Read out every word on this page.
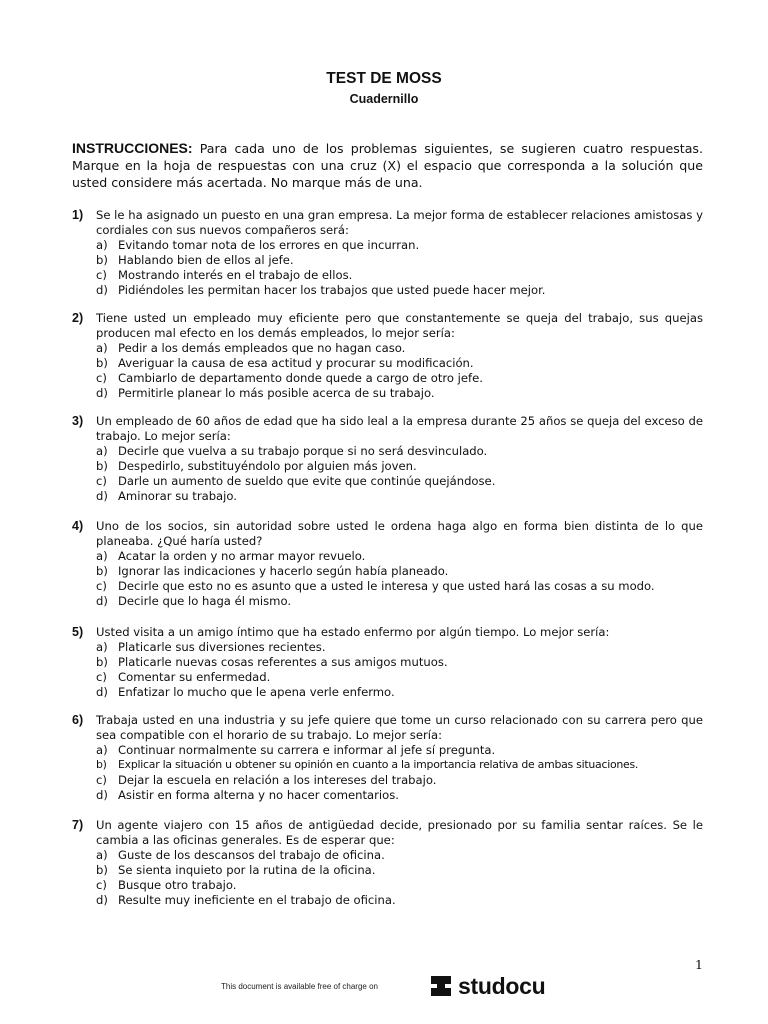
TEST DE MOSS
Cuadernillo
INSTRUCCIONES: Para cada uno de los problemas siguientes, se sugieren cuatro respuestas. Marque en la hoja de respuestas con una cruz (X) el espacio que corresponda a la solución que usted considere más acertada. No marque más de una.
1)	Se le ha asignado un puesto en una gran empresa. La mejor forma de establecer relaciones amistosas y cordiales con sus nuevos compañeros será:
a) Evitando tomar nota de los errores en que incurran.
b) Hablando bien de ellos al jefe.
c) Mostrando interés en el trabajo de ellos.
d) Pidiéndoles les permitan hacer los trabajos que usted puede hacer mejor.
2)	Tiene usted un empleado muy eficiente pero que constantemente se queja del trabajo, sus quejas producen mal efecto en los demás empleados, lo mejor sería:
a) Pedir a los demás empleados que no hagan caso.
b) Averiguar la causa de esa actitud y procurar su modificación.
c) Cambiarlo de departamento donde quede a cargo de otro jefe.
d) Permitirle planear lo más posible acerca de su trabajo.
3)	Un empleado de 60 años de edad que ha sido leal a la empresa durante 25 años se queja del exceso de trabajo. Lo mejor sería:
a) Decirle que vuelva a su trabajo porque si no será desvinculado.
b) Despedirlo, substituyéndolo por alguien más joven.
c) Darle un aumento de sueldo que evite que continúe quejándose.
d) Aminorar su trabajo.
4)	Uno de los socios, sin autoridad sobre usted le ordena haga algo en forma bien distinta de lo que planeaba. ¿Qué haría usted?
a) Acatar la orden y no armar mayor revuelo.
b) Ignorar las indicaciones y hacerlo según había planeado.
c) Decirle que esto no es asunto que a usted le interesa y que usted hará las cosas a su modo.
d) Decirle que lo haga él mismo.
5)	Usted visita a un amigo íntimo que ha estado enfermo por algún tiempo. Lo mejor sería:
a) Platicarle sus diversiones recientes.
b) Platicarle nuevas cosas referentes a sus amigos mutuos.
c) Comentar su enfermedad.
d) Enfatizar lo mucho que le apena verle enfermo.
6)	Trabaja usted en una industria y su jefe quiere que tome un curso relacionado con su carrera pero que sea compatible con el horario de su trabajo. Lo mejor sería:
a) Continuar normalmente su carrera e informar al jefe sí pregunta.
b)	Explicar la situación u obtener su opinión en cuanto a la importancia relativa de ambas situaciones.
c) Dejar la escuela en relación a los intereses del trabajo.
d) Asistir en forma alterna y no hacer comentarios.
7)	Un agente viajero con 15 años de antigüedad decide, presionado por su familia sentar raíces. Se le cambia a las oficinas generales. Es de esperar que:
a) Guste de los descansos del trabajo de oficina.
b) Se sienta inquieto por la rutina de la oficina.
c) Busque otro trabajo.
d) Resulte muy ineficiente en el trabajo de oficina.
1
This document is available free of charge on	studocu
